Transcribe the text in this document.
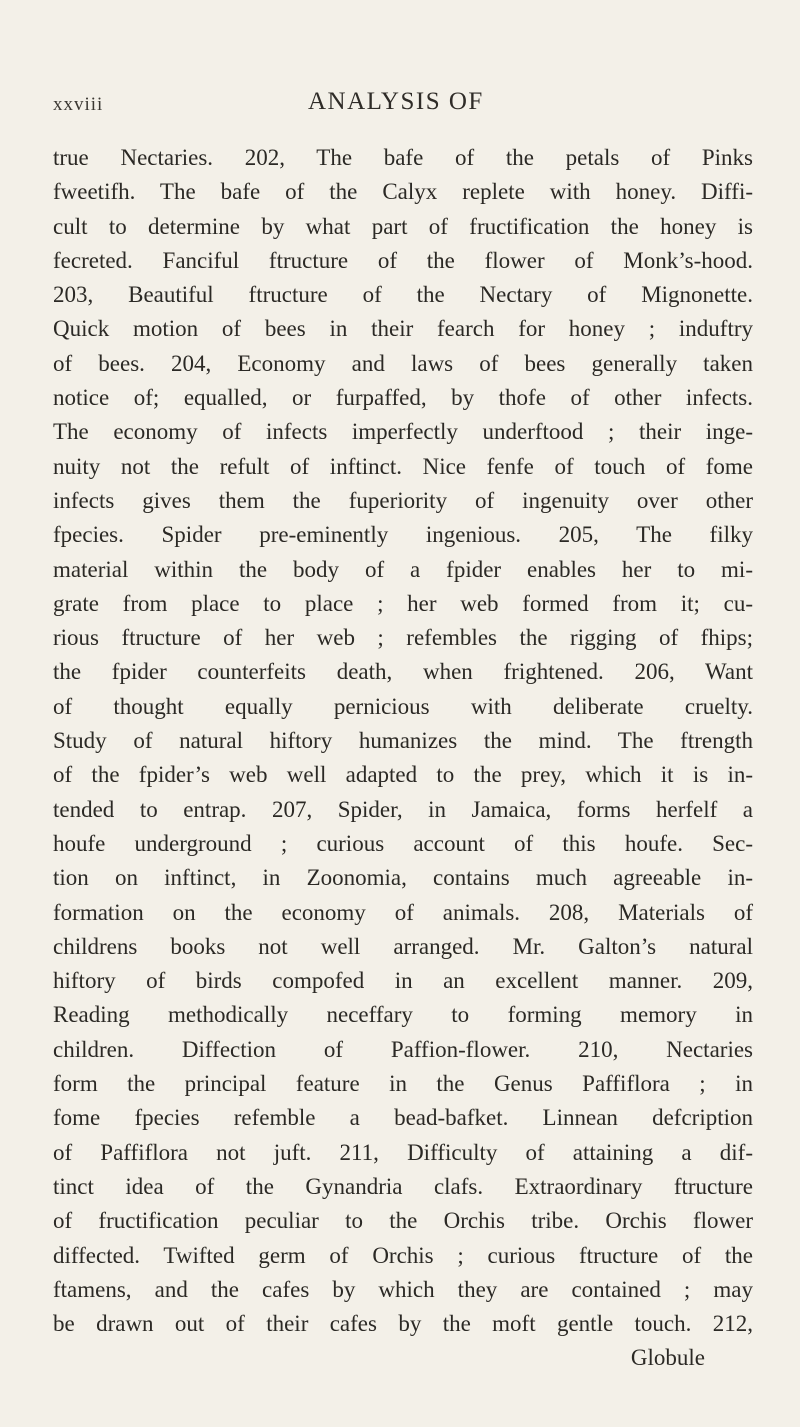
xxviii	ANALYSIS OF
true Nectaries. 202, The bafe of the petals of Pinks
fweetifh. The bafe of the Calyx replete with honey. Diffi-
cult to determine by what part of fructification the honey is
fecreted. Fanciful ftructure of the flower of Monk’s-hood.
203, Beautiful ftructure of the Nectary of Mignonette.
Quick motion of bees in their fearch for honey ; induftry
of bees. 204, Economy and laws of bees generally taken
notice of; equalled, or furpaffed, by thofe of other infects.
The economy of infects imperfectly underftood ; their inge-
nuity not the refult of inftinct. Nice fenfe of touch of fome
infects gives them the fuperiority of ingenuity over other
fpecies. Spider pre-eminently ingenious. 205, The filky
material within the body of a fpider enables her to mi-
grate from place to place ; her web formed from it; cu-
rious ftructure of her web ; refembles the rigging of fhips;
the fpider counterfeits death, when frightened. 206, Want
of thought equally pernicious with deliberate cruelty.
Study of natural hiftory humanizes the mind. The ftrength
of the fpider’s web well adapted to the prey, which it is in-
tended to entrap. 207, Spider, in Jamaica, forms herfelf a
houfe underground ; curious account of this houfe. Sec-
tion on inftinct, in Zoonomia, contains much agreeable in-
formation on the economy of animals. 208, Materials of
childrens books not well arranged. Mr. Galton’s natural
hiftory of birds compofed in an excellent manner. 209,
Reading methodically neceffary to forming memory in
children. Diffection of Paffion-flower. 210, Nectaries
form the principal feature in the Genus Paffiflora ; in
fome fpecies refemble a bead-bafket. Linnean defcription
of Paffiflora not juft. 211, Difficulty of attaining a dif-
tinct idea of the Gynandria clafs. Extraordinary ftructure
of fructification peculiar to the Orchis tribe. Orchis flower
diffected. Twifted germ of Orchis ; curious ftructure of the
ftamens, and the cafes by which they are contained ; may
be drawn out of their cafes by the moft gentle touch. 212,
Globule
